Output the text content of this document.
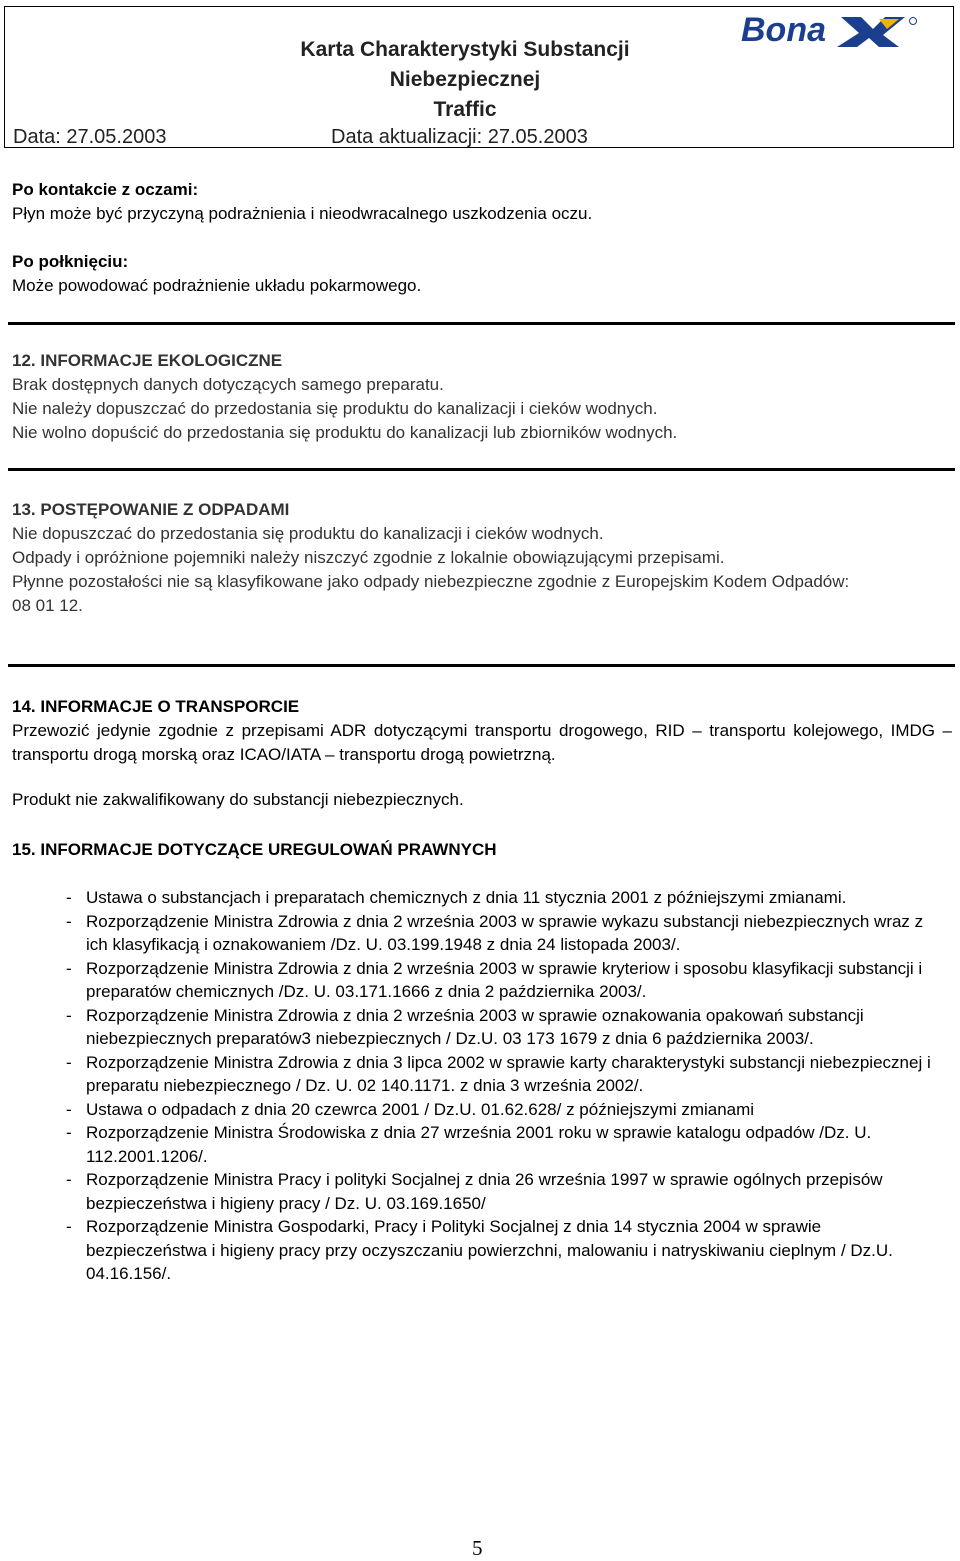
Bona
Karta Charakterystyki Substancji
Niebezpiecznej
Traffic
Data: 27.05.2003	Data aktualizacji: 27.05.2003

Po kontakcie z oczami:

Płyn może być przyczyną podrażnienia i nieodwracalnego uszkodzenia oczu.

Po połknięciu:

Może powodować podrażnienie układu pokarmowego.

12. INFORMACJE EKOLOGICZNE

Brak dostępnych danych dotyczących samego preparatu.

Nie należy dopuszczać do przedostania się produktu do kanalizacji i cieków wodnych.

Nie wolno dopuścić do przedostania się produktu do kanalizacji lub zbiorników wodnych.

13. POSTĘPOWANIE Z ODPADAMI

Nie dopuszczać do przedostania się produktu do kanalizacji i cieków wodnych.

Odpady i opróżnione pojemniki należy niszczyć zgodnie z lokalnie obowiązującymi przepisami.

Płynne pozostałości nie są klasyfikowane jako odpady niebezpieczne zgodnie z Europejskim Kodem Odpadów:

08 01 12.

14. INFORMACJE O TRANSPORCIE

Przewozić jedynie zgodnie z przepisami ADR dotyczącymi transportu drogowego, RID – transportu kolejowego, IMDG – transportu drogą morską oraz ICAO/IATA – transportu drogą powietrzną.

Produkt nie zakwalifikowany do substancji niebezpiecznych.

15. INFORMACJE DOTYCZĄCE UREGULOWAŃ PRAWNYCH

- Ustawa o substancjach i preparatach chemicznych z dnia 11 stycznia 2001 z późniejszymi zmianami.

- Rozporządzenie Ministra Zdrowia z dnia 2 września 2003 w sprawie wykazu substancji niebezpiecznych wraz z ich klasyfikacją i oznakowaniem /Dz. U. 03.199.1948 z dnia 24 listopada 2003/.

- Rozporządzenie Ministra Zdrowia z dnia 2 września 2003 w sprawie kryteriow i sposobu klasyfikacji substancji i preparatów chemicznych /Dz. U. 03.171.1666 z dnia 2 października 2003/.

- Rozporządzenie Ministra Zdrowia z dnia 2 września 2003 w sprawie oznakowania opakowań substancji niebezpiecznych preparatów3 niebezpiecznych / Dz.U. 03 173 1679 z dnia 6 października 2003/.

- Rozporządzenie Ministra Zdrowia z dnia 3 lipca 2002 w sprawie karty charakterystyki substancji niebezpiecznej i preparatu niebezpiecznego / Dz. U. 02 140.1171. z dnia 3 września 2002/.

- Ustawa o odpadach z dnia 20 czewrca 2001 / Dz.U. 01.62.628/ z późniejszymi zmianami

- Rozporządzenie Ministra Środowiska z dnia 27 września 2001 roku w sprawie katalogu odpadów /Dz. U. 112.2001.1206/.

- Rozporządzenie Ministra Pracy i polityki Socjalnej z dnia 26 września 1997 w sprawie ogólnych przepisów bezpieczeństwa i higieny pracy / Dz. U. 03.169.1650/

- Rozporządzenie Ministra Gospodarki, Pracy i Polityki Socjalnej z dnia 14 stycznia 2004 w sprawie bezpieczeństwa i higieny pracy przy oczyszczaniu powierzchni, malowaniu i natryskiwaniu cieplnym / Dz.U. 04.16.156/.

5
